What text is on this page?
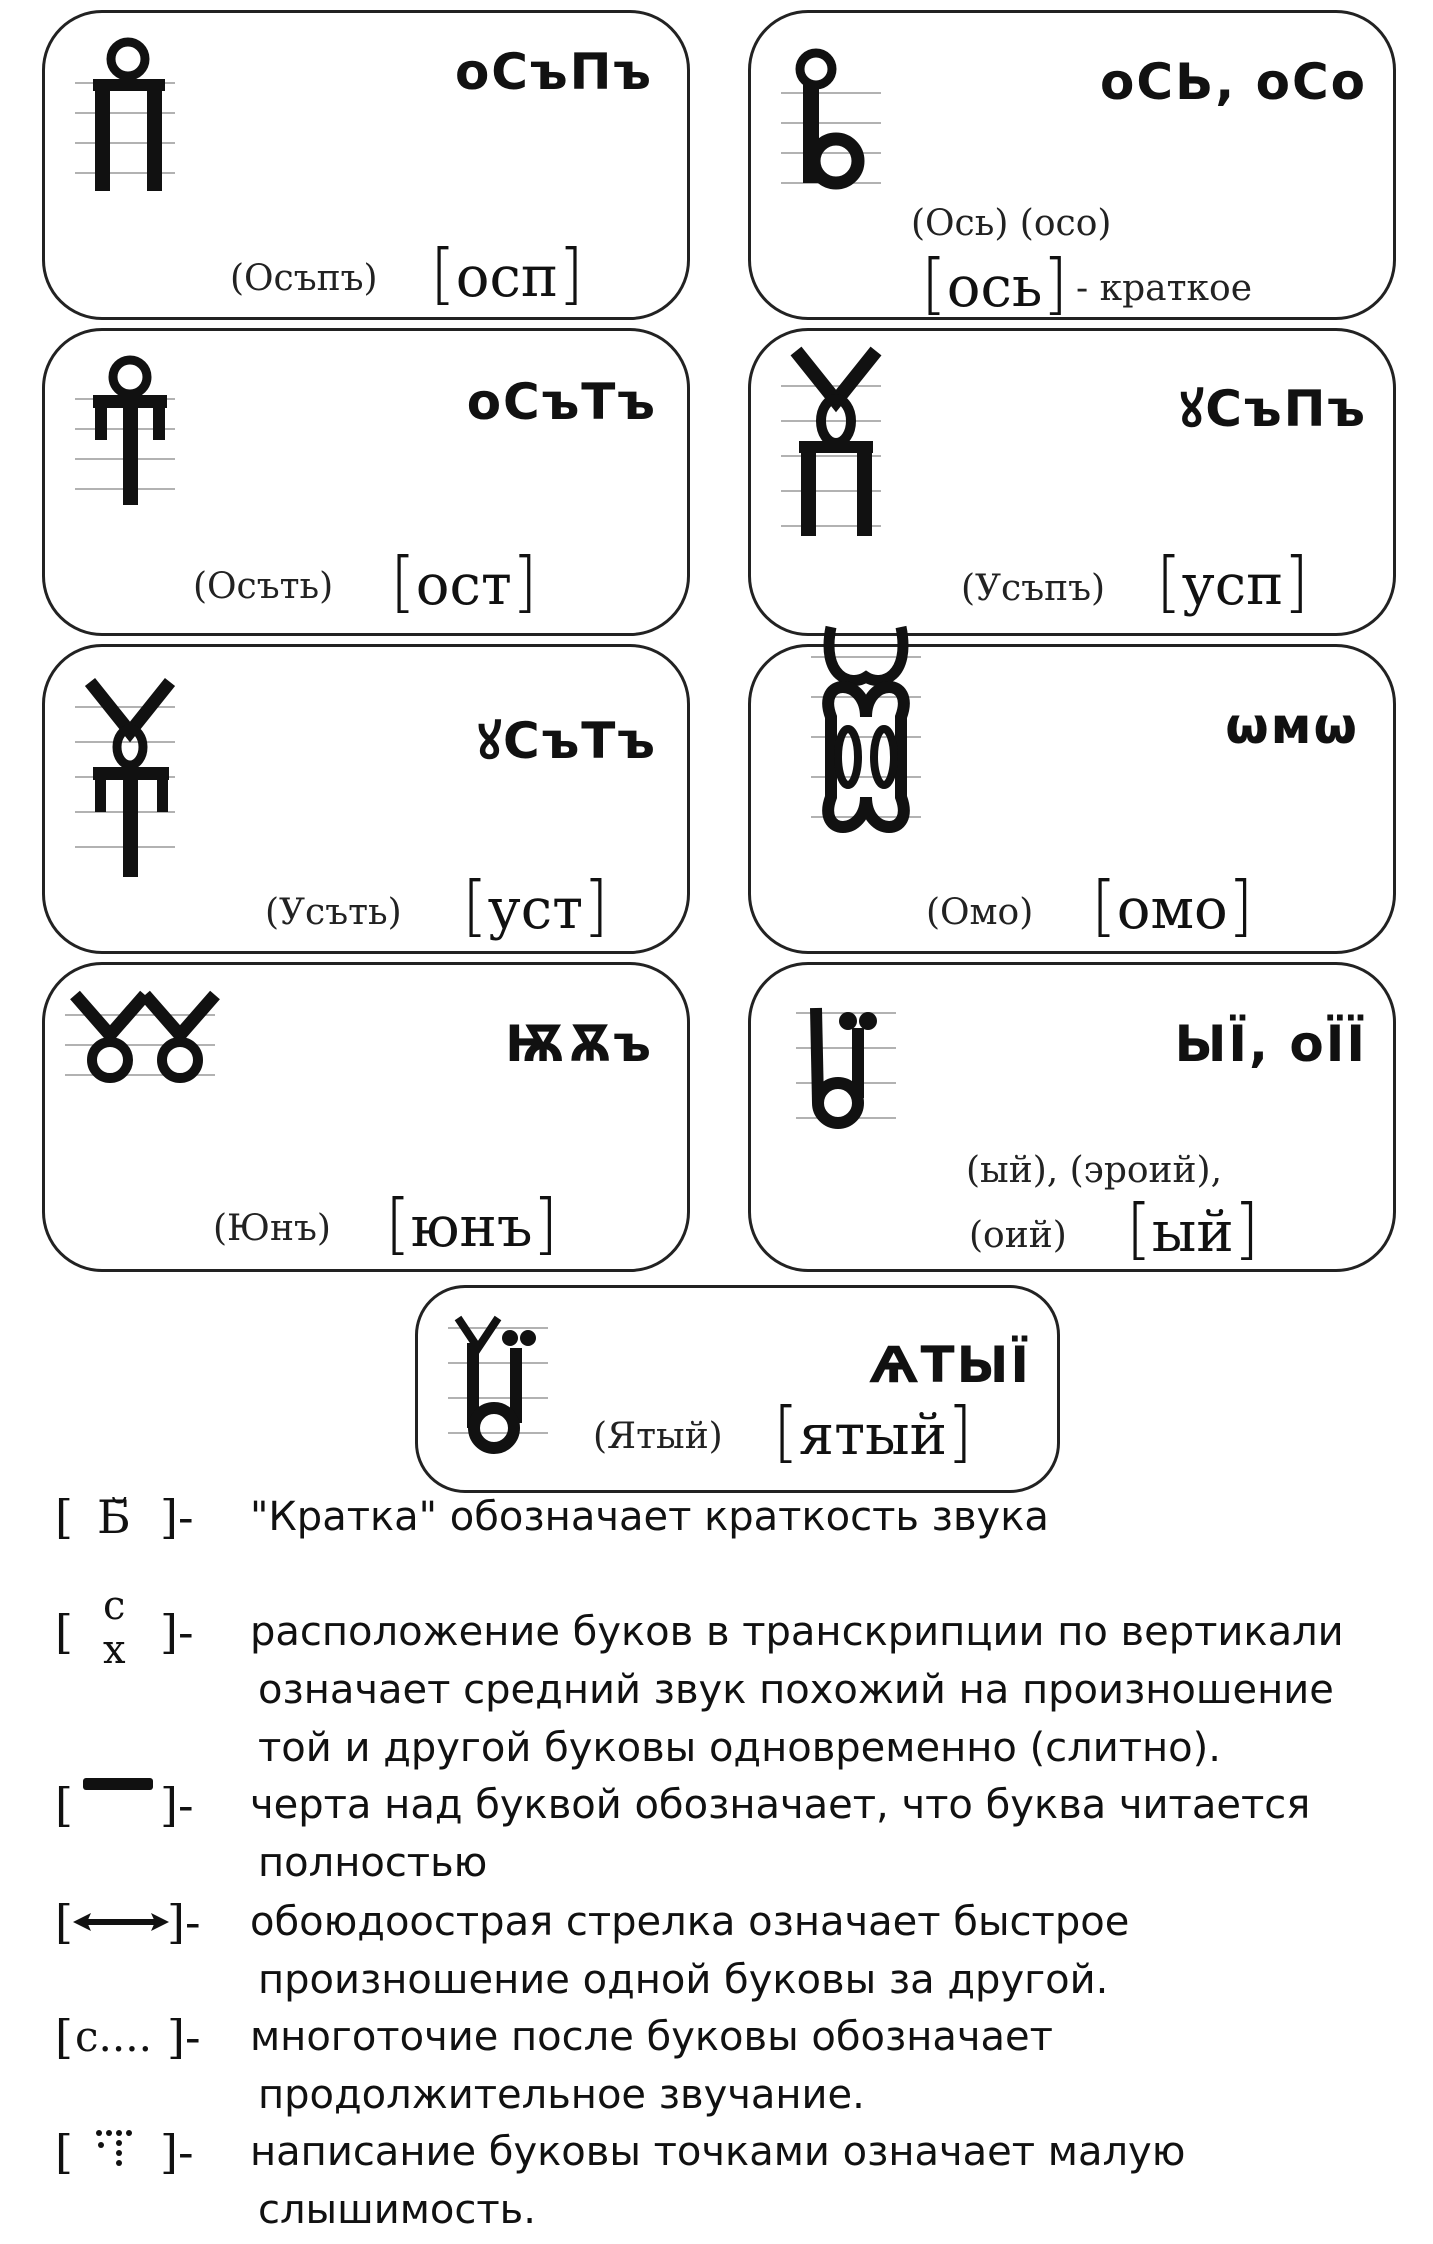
оСъПъ
(Осъпъ) [осп]
оСЬ, оСо
(Ось) (осо)
[ось] - краткое
оСъТъ
(Осъть) [ост]
ꙋСъПъ
(Усъпъ) [усп]
ꙋСъТъ
(Усъть) [уст]
ѡмѡ
(Омо) [омо]
ѬѪъ
(Юнъ) [юнъ]
ЫЇ, оЇЇ
(ый), (эроий),
(оий) [ый]
ѦТЫЇ
(Ятый) [ятый]
[ Б̆ ]- "Кратка" обозначает краткость звука
[ с
х ]- расположение буков в транскрипции по вертикали
означает средний звук похожий на произношение
той и другой буковы одновременно (слитно).
[ ]- черта над буквой обозначает, что буква читается
полностью
[ ]- обоюдоострая стрелка означает быстрое
произношение одной буковы за другой.
[ с.... ]- многоточие после буковы обозначает
продолжительное звучание.
[ ]- написание буковы точками означает малую
слышимость.
